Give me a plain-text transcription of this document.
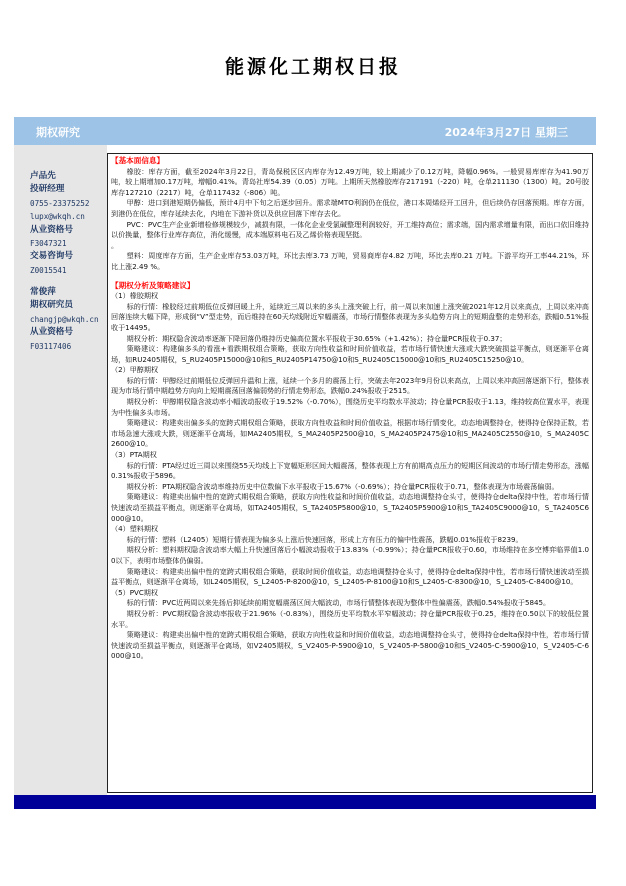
能源化工期权日报
期权研究	2024年3月27日 星期三
卢品先
投研经理
0755-23375252
lupx@wkqh.cn
从业资格号
F3047321
交易咨询号
Z0015541
常俊萍
期权研究员
changjp@wkqh.cn
从业资格号
F03117406
【基本面信息】

橡胶：库存方面，截至2024年3月22日，青岛保税区区内库存为12.49万吨，较上期减少了0.12万吨，降幅0.96%。一般贸易库库存为41.90万吨，较上期增加0.17万吨，增幅0.41%。青岛社库54.39（0.05）万吨。上期所天然橡胶库存217191（-220）吨，仓单211130（1300）吨。20号胶库存127210（2217）吨，仓单117432（-806）吨。

甲醇：进口到港短期仍偏低，预计4月中下旬之后逐步回升。需求端MTO利润仍在低位，港口本周烯烃开工回升，但后续仍存回落预期。库存方面，到港仍在低位，库存延续去化，内地在下游补货以及供应回落下库存去化。

PVC：PVC生产企业新增检修规模较少，减损有限，一体化企业受氯碱整理利润较好，开工维持高位；需求端，国内需求增量有限，而出口依旧维持以价换量，整体行业库存高位，消化缓慢，成本端原料电石及乙烯价格表现坚挺。

。

塑料：周度库存方面，生产企业库存53.03万吨，环比去库3.73 万吨，贸易商库存4.82 万吨，环比去库0.21 万吨。下游平均开工率44.21%，环比上涨2.49 %。

【期权分析及策略建议】

（1）橡胶期权

标的行情：橡胶经过前期低位反弹回暖上升，延续近三周以来的多头上涨突破上行，前一周以来加速上涨突破2021年12月以来高点，上周以来冲高回落连续大幅下降，形成倒“V”型走势，而后维持在60天均线附近窄幅震荡，市场行情整体表现为多头趋势方向上的短期盘整的走势形态，跌幅0.51%报收于14495。

期权分析：期权隐含波动率逐渐下降回落仍维持历史偏高位置水平报收于30.65%（+1.42%）；持仓量PCR报收于0.37；

策略建议：构建偏多头的看涨+看跌期权组合策略，获取方向性收益和时间价值收益，若市场行情快速大涨或大跌突破损益平衡点，则逐渐平仓离场，如RU2405期权，S_RU2405P15000@10和S_RU2405P14750@10和S_RU2405C15000@10和S_RU2405C15250@10。

（2）甲醇期权

标的行情：甲醇经过前期低位反弹回升温和上涨，延续一个多月的震荡上行，突破去年2023年9月份以来高点，上周以来冲高回落逐渐下行，整体表现为市场行情中期趋势方向向上短期震荡回落偏弱势的行情走势形态，跌幅0.24%报收于2515。

期权分析：甲醇期权隐含波动率小幅波动报收于19.52%（-0.70%），围绕历史平均数水平波动；持仓量PCR报收于1.13，维持较高位置水平，表现为中性偏多头市场。

策略建议：构建卖出偏多头的宽跨式期权组合策略，获取方向性收益和时间价值收益，根据市场行情变化，动态地调整持仓，使得持仓保持正数，若市场急速大涨或大跌，则逐渐平仓离场，如MA2405期权，S_MA2405P2500@10，S_MA2405P2475@10和S_MA2405C2550@10，S_MA2405C2600@10。

（3）PTA期权

标的行情：PTA经过近三周以来围绕55天均线上下宽幅矩形区间大幅震荡，整体表现上方有前期高点压力的短期区间波动的市场行情走势形态，涨幅0.31%报收于5896。

期权分析：PTA期权隐含波动率维持历史中位数偏下水平报收于15.67%（-0.69%）；持仓量PCR报收于0.71，整体表现为市场震荡偏弱。

策略建议：构建卖出偏中性的宽跨式期权组合策略，获取方向性收益和时间价值收益，动态地调整持仓头寸，使得持仓delta保持中性，若市场行情快速波动至损益平衡点，则逐渐平仓离场，如TA2405期权，S_TA2405P5800@10，S_TA2405P5900@10和S_TA2405C9000@10，S_TA2405C6000@10。

（4）塑料期权

标的行情：塑料（L2405）短期行情表现为偏多头上涨后快速回落，形成上方有压力的偏中性震荡，跌幅0.01%报收于8239。

期权分析：塑料期权隐含波动率大幅上升快速回落后小幅波动报收于13.83%（-0.99%）；持仓量PCR报收于0.60，市场维持在多空博弈临界值1.00以下，表明市场整体仍偏弱。

策略建议：构建卖出偏中性的宽跨式期权组合策略，获取时间价值收益，动态地调整持仓头寸，使得持仓delta保持中性，若市场行情快速波动至损益平衡点，则逐渐平仓离场，如L2405期权，S_L2405-P-8200@10，S_L2405-P-8100@10和S_L2405-C-8300@10，S_L2405-C-8400@10。

（5）PVC期权

标的行情：PVC近两周以来先扬后抑延续前期宽幅震荡区间大幅波动，市场行情整体表现为整体中性偏震荡，跌幅0.54%报收于5845。

期权分析：PVC期权隐含波动率报收于21.96%（-0.83%），围绕历史平均数水平窄幅波动；持仓量PCR报收于0.25，维持在0.50以下的较低位置水平。

策略建议：构建卖出偏中性的宽跨式期权组合策略，获取方向性收益和时间价值收益，动态地调整持仓头寸，使得持仓delta保持中性，若市场行情快速波动至损益平衡点，则逐渐平仓离场，如V2405期权，S_V2405-P-5900@10，S_V2405-P-5800@10和S_V2405-C-5900@10，S_V2405-C-6000@10。
